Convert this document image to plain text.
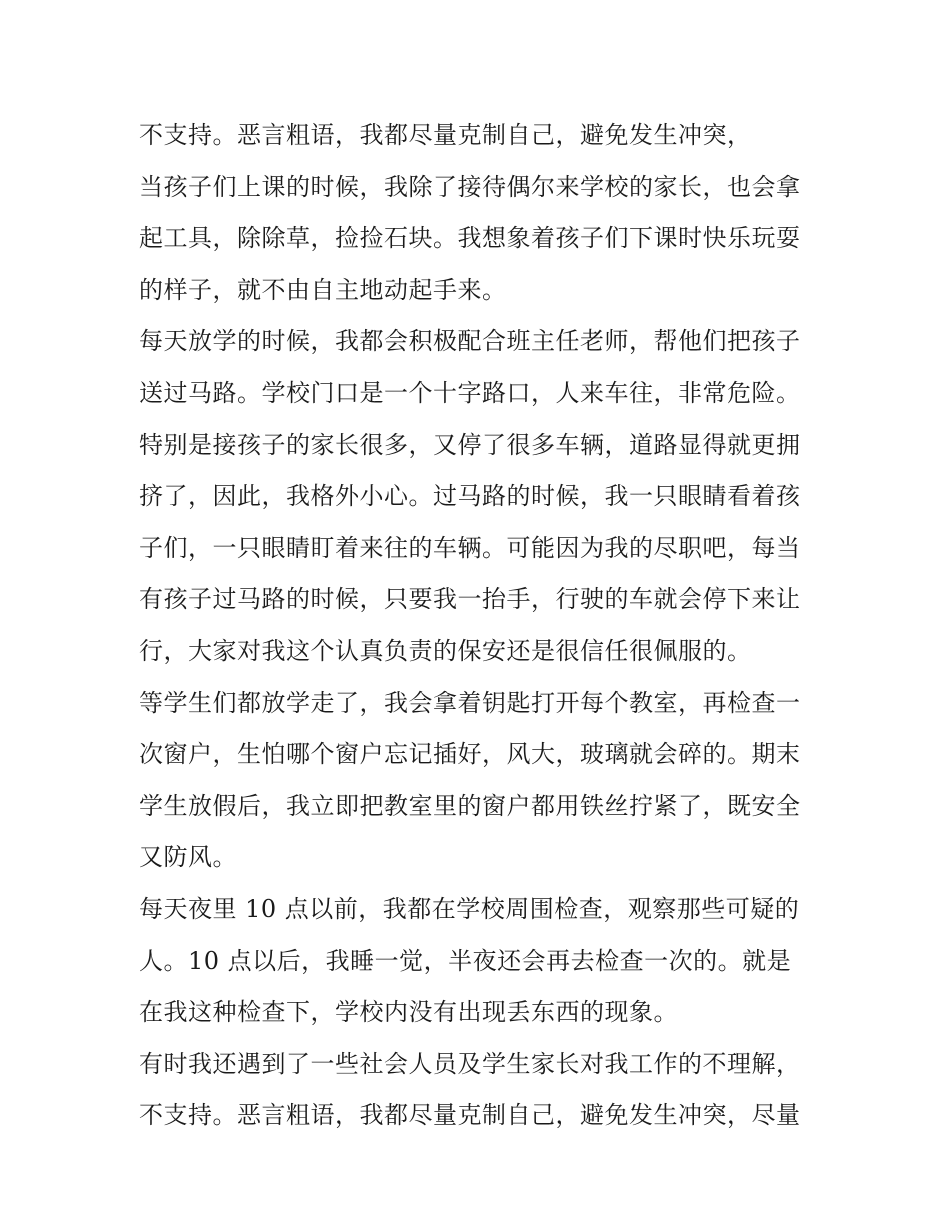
不支持。恶言粗语，我都尽量克制自己，避免发生冲突，

当孩子们上课的时候，我除了接待偶尔来学校的家长，也会拿

起工具，除除草，捡捡石块。我想象着孩子们下课时快乐玩耍

的样子，就不由自主地动起手来。

每天放学的时候，我都会积极配合班主任老师，帮他们把孩子

送过马路。学校门口是一个十字路口，人来车往，非常危险。

特别是接孩子的家长很多，又停了很多车辆，道路显得就更拥

挤了，因此，我格外小心。过马路的时候，我一只眼睛看着孩

子们，一只眼睛盯着来往的车辆。可能因为我的尽职吧，每当

有孩子过马路的时候，只要我一抬手，行驶的车就会停下来让

行，大家对我这个认真负责的保安还是很信任很佩服的。

等学生们都放学走了，我会拿着钥匙打开每个教室，再检查一

次窗户，生怕哪个窗户忘记插好，风大，玻璃就会碎的。期末

学生放假后，我立即把教室里的窗户都用铁丝拧紧了，既安全

又防风。

每天夜里 10 点以前，我都在学校周围检查，观察那些可疑的

人。10 点以后，我睡一觉，半夜还会再去检查一次的。就是

在我这种检查下，学校内没有出现丢东西的现象。

有时我还遇到了一些社会人员及学生家长对我工作的不理解，

不支持。恶言粗语，我都尽量克制自己，避免发生冲突，尽量
